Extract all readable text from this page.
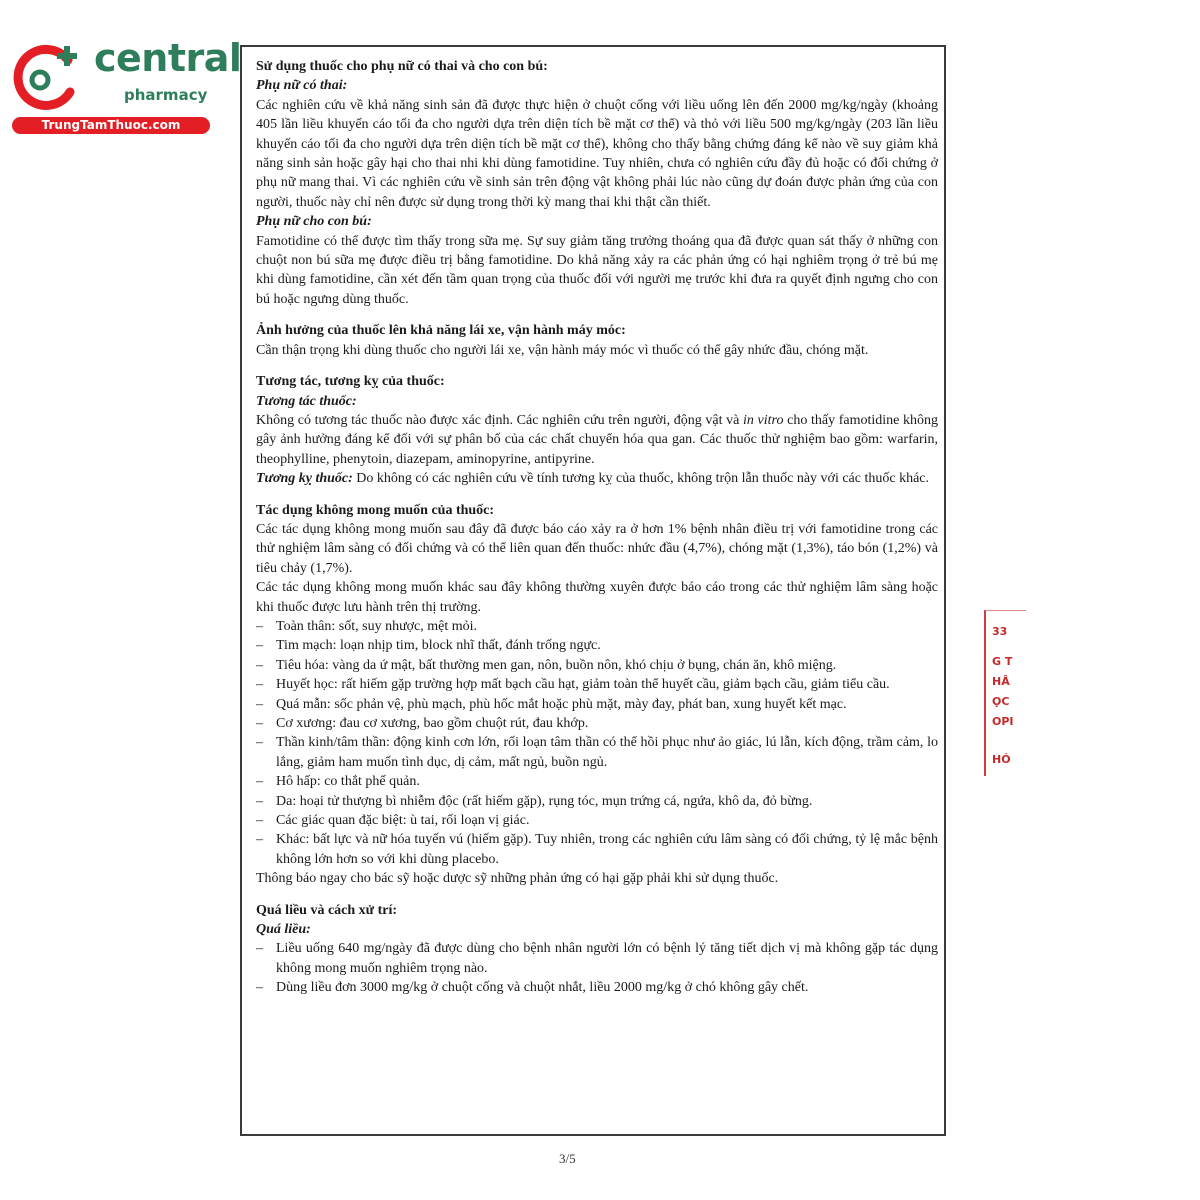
central
pharmacy
TrungTamThuoc.com

Sử dụng thuốc cho phụ nữ có thai và cho con bú:

Phụ nữ có thai:

Các nghiên cứu về khả năng sinh sản đã được thực hiện ở chuột cống với liều uống lên đến 2000 mg/kg/ngày (khoảng 405 lần liều khuyến cáo tối đa cho người dựa trên diện tích bề mặt cơ thể) và thỏ với liều 500 mg/kg/ngày (203 lần liều khuyến cáo tối đa cho người dựa trên diện tích bề mặt cơ thể), không cho thấy bằng chứng đáng kể nào về suy giảm khả năng sinh sản hoặc gây hại cho thai nhi khi dùng famotidine. Tuy nhiên, chưa có nghiên cứu đầy đủ hoặc có đối chứng ở phụ nữ mang thai. Vì các nghiên cứu về sinh sản trên động vật không phải lúc nào cũng dự đoán được phản ứng của con người, thuốc này chỉ nên được sử dụng trong thời kỳ mang thai khi thật cần thiết.

Phụ nữ cho con bú:

Famotidine có thể được tìm thấy trong sữa mẹ. Sự suy giảm tăng trưởng thoáng qua đã được quan sát thấy ở những con chuột non bú sữa mẹ được điều trị bằng famotidine. Do khả năng xảy ra các phản ứng có hại nghiêm trọng ở trẻ bú mẹ khi dùng famotidine, cần xét đến tầm quan trọng của thuốc đối với người mẹ trước khi đưa ra quyết định ngưng cho con bú hoặc ngưng dùng thuốc.

Ảnh hưởng của thuốc lên khả năng lái xe, vận hành máy móc:

Cần thận trọng khi dùng thuốc cho người lái xe, vận hành máy móc vì thuốc có thể gây nhức đầu, chóng mặt.

Tương tác, tương kỵ của thuốc:

Tương tác thuốc:

Không có tương tác thuốc nào được xác định. Các nghiên cứu trên người, động vật và in vitro cho thấy famotidine không gây ảnh hưởng đáng kể đối với sự phân bố của các chất chuyển hóa qua gan. Các thuốc thử nghiệm bao gồm: warfarin, theophylline, phenytoin, diazepam, aminopyrine, antipyrine.

Tương kỵ thuốc: Do không có các nghiên cứu về tính tương kỵ của thuốc, không trộn lẫn thuốc này với các thuốc khác.

Tác dụng không mong muốn của thuốc:

Các tác dụng không mong muốn sau đây đã được báo cáo xảy ra ở hơn 1% bệnh nhân điều trị với famotidine trong các thử nghiệm lâm sàng có đối chứng và có thể liên quan đến thuốc: nhức đầu (4,7%), chóng mặt (1,3%), táo bón (1,2%) và tiêu chảy (1,7%).

Các tác dụng không mong muốn khác sau đây không thường xuyên được báo cáo trong các thử nghiệm lâm sàng hoặc khi thuốc được lưu hành trên thị trường.

– Toàn thân: sốt, suy nhược, mệt mỏi.
– Tim mạch: loạn nhịp tim, block nhĩ thất, đánh trống ngực.
– Tiêu hóa: vàng da ứ mật, bất thường men gan, nôn, buồn nôn, khó chịu ở bụng, chán ăn, khô miệng.
– Huyết học: rất hiếm gặp trường hợp mất bạch cầu hạt, giảm toàn thể huyết cầu, giảm bạch cầu, giảm tiểu cầu.
– Quá mẫn: sốc phản vệ, phù mạch, phù hốc mắt hoặc phù mặt, mày đay, phát ban, xung huyết kết mạc.
– Cơ xương: đau cơ xương, bao gồm chuột rút, đau khớp.
– Thần kinh/tâm thần: động kinh cơn lớn, rối loạn tâm thần có thể hồi phục như ảo giác, lú lẫn, kích động, trầm cảm, lo lắng, giảm ham muốn tình dục, dị cảm, mất ngủ, buồn ngủ.
– Hô hấp: co thắt phế quản.
– Da: hoại tử thượng bì nhiễm độc (rất hiếm gặp), rụng tóc, mụn trứng cá, ngứa, khô da, đỏ bừng.
– Các giác quan đặc biệt: ù tai, rối loạn vị giác.
– Khác: bất lực và nữ hóa tuyến vú (hiếm gặp). Tuy nhiên, trong các nghiên cứu lâm sàng có đối chứng, tỷ lệ mắc bệnh không lớn hơn so với khi dùng placebo.

Thông báo ngay cho bác sỹ hoặc dược sỹ những phản ứng có hại gặp phải khi sử dụng thuốc.

Quá liều và cách xử trí:

Quá liều:

– Liều uống 640 mg/ngày đã được dùng cho bệnh nhân người lớn có bệnh lý tăng tiết dịch vị mà không gặp tác dụng không mong muốn nghiêm trọng nào.
– Dùng liều đơn 3000 mg/kg ở chuột cống và chuột nhắt, liều 2000 mg/kg ở chó không gây chết.
3/5
33
G T
ΗÂ
ỌC
OPI
HÓ
